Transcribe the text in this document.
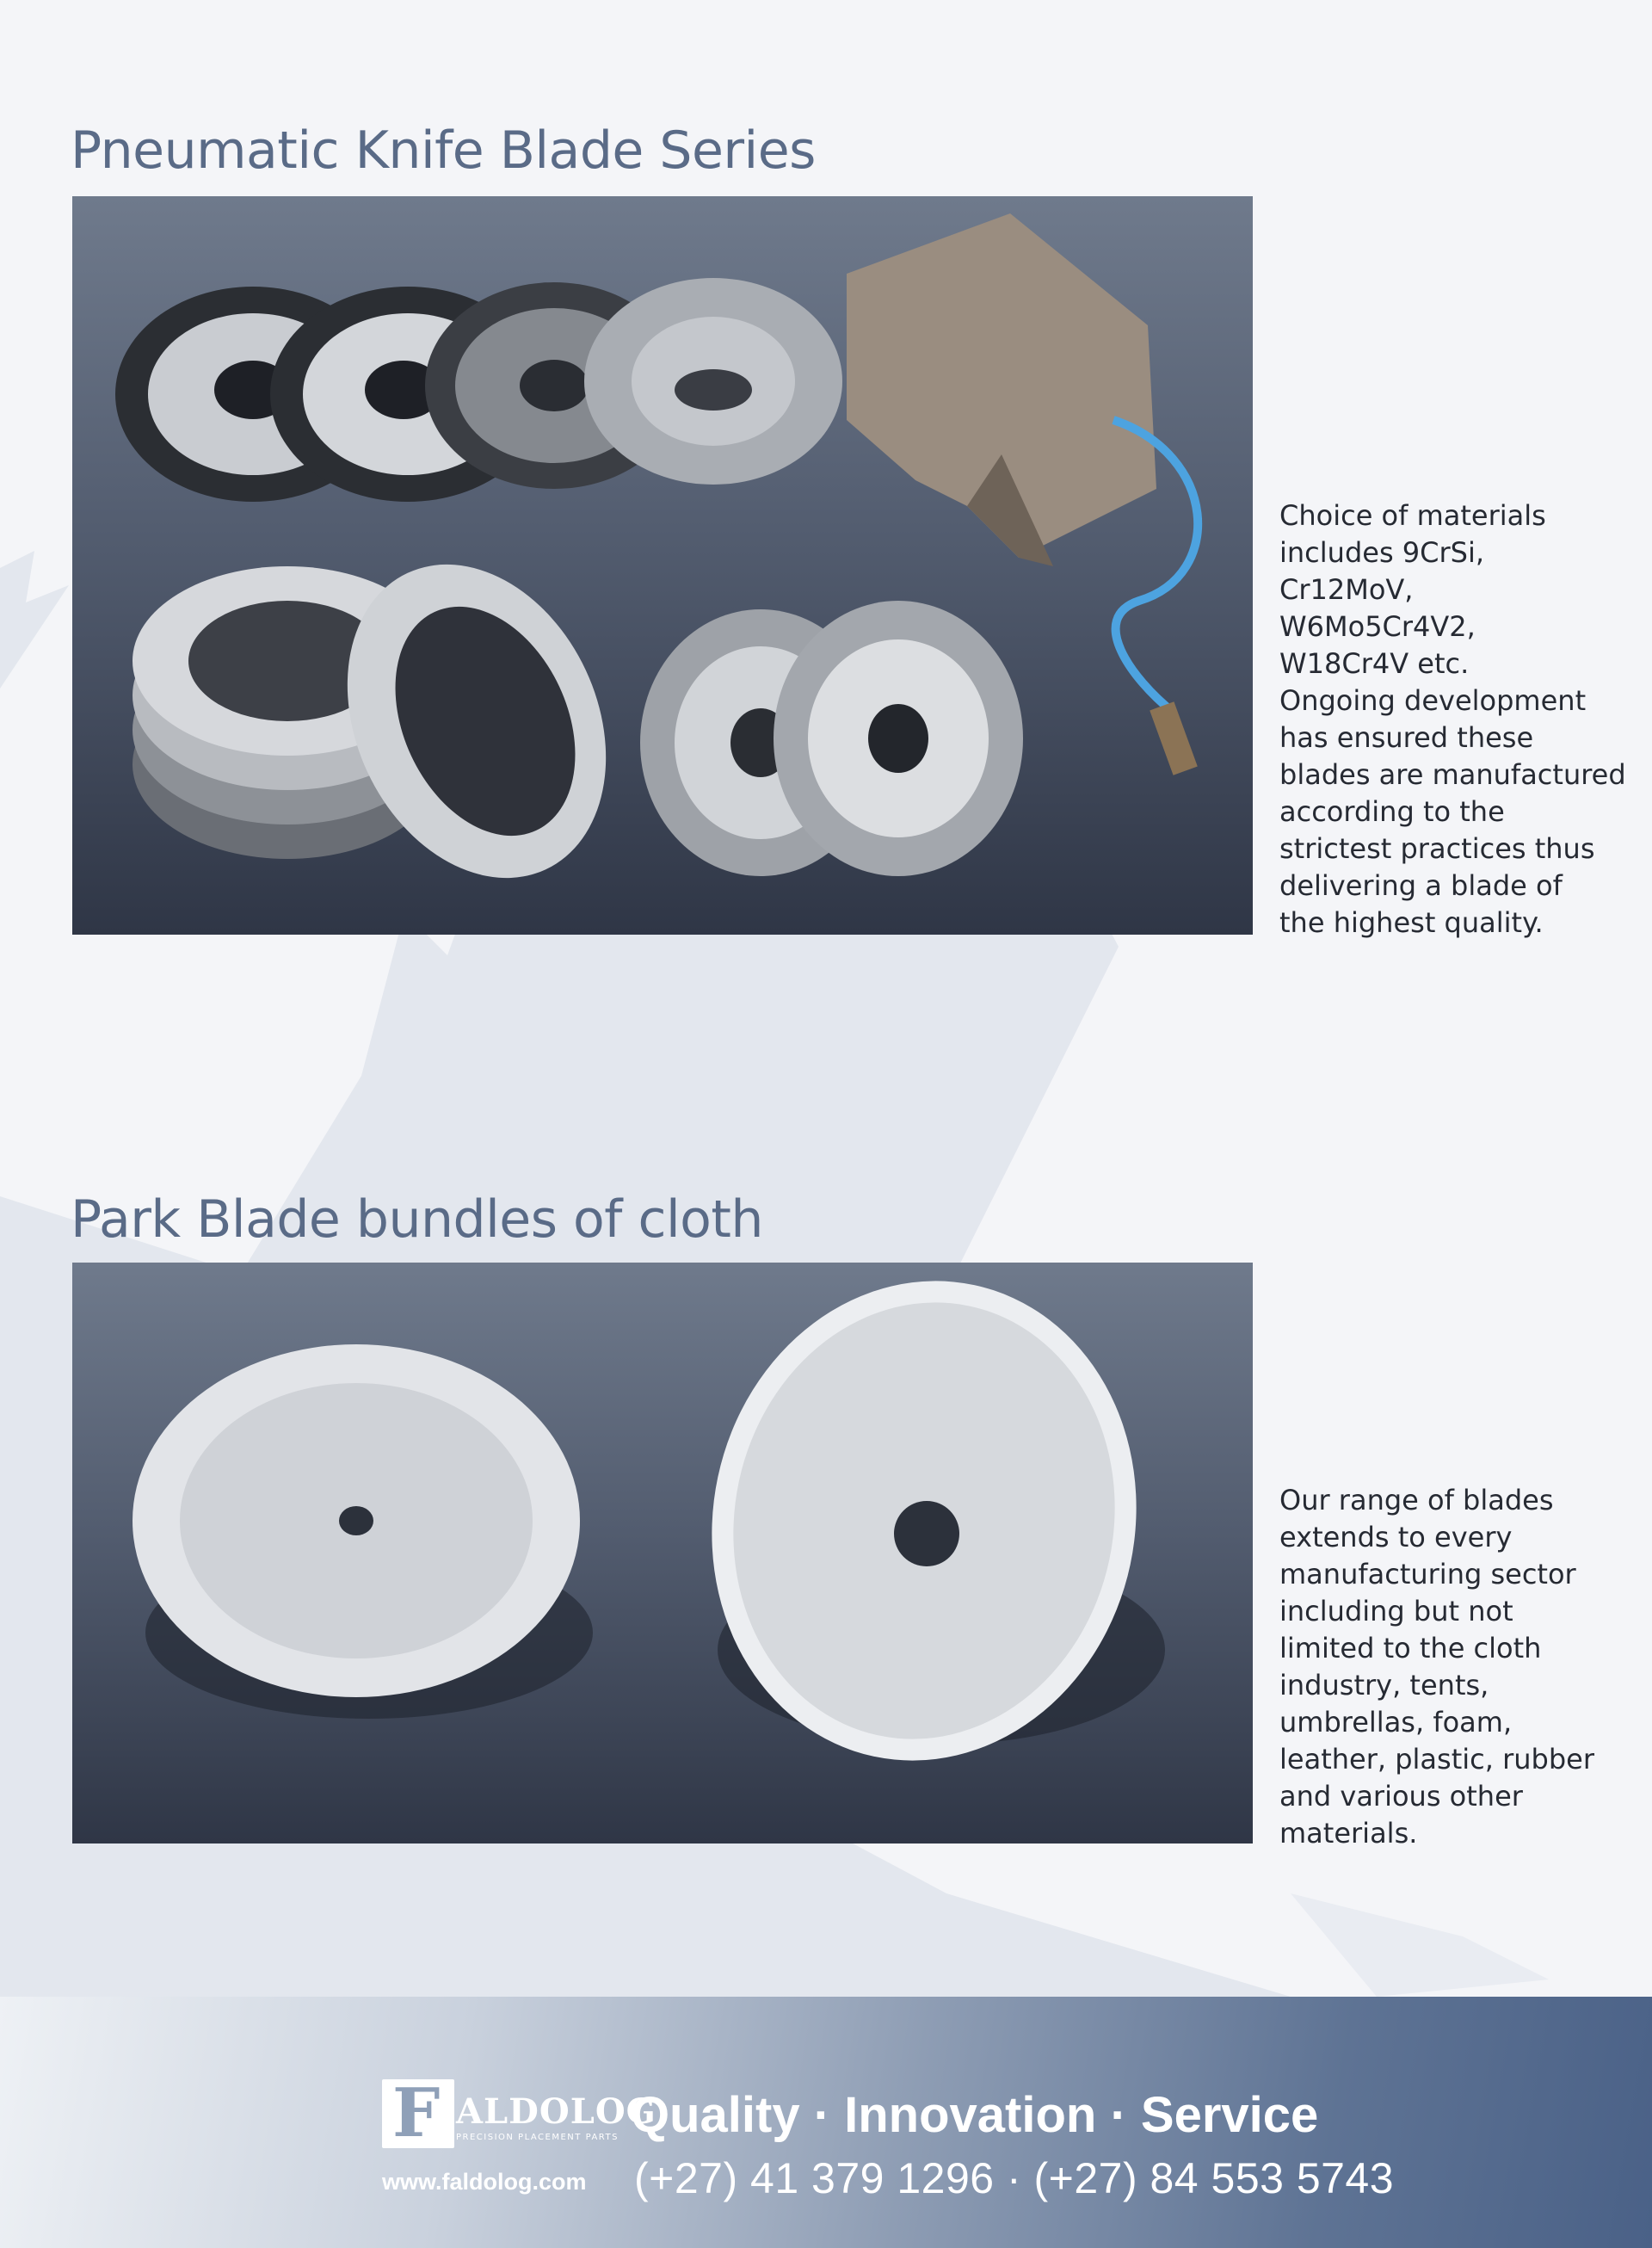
Pneumatic Knife Blade Series

Choice of materials
includes 9CrSi,
Cr12MoV,
W6Mo5Cr4V2,
W18Cr4V etc.
Ongoing development
has ensured these
blades are manufactured
according to the
strictest practices thus
delivering a blade of
the highest quality.

Park Blade bundles of cloth

Our range of blades
extends to every
manufacturing sector
including but not
limited to the cloth
industry, tents,
umbrellas, foam,
leather, plastic, rubber
and various other
materials.

F ALDOLOG
PRECISION PLACEMENT PARTS
www.faldolog.com
Quality · Innovation · Service
(+27) 41 379 1296 · (+27) 84 553 5743
